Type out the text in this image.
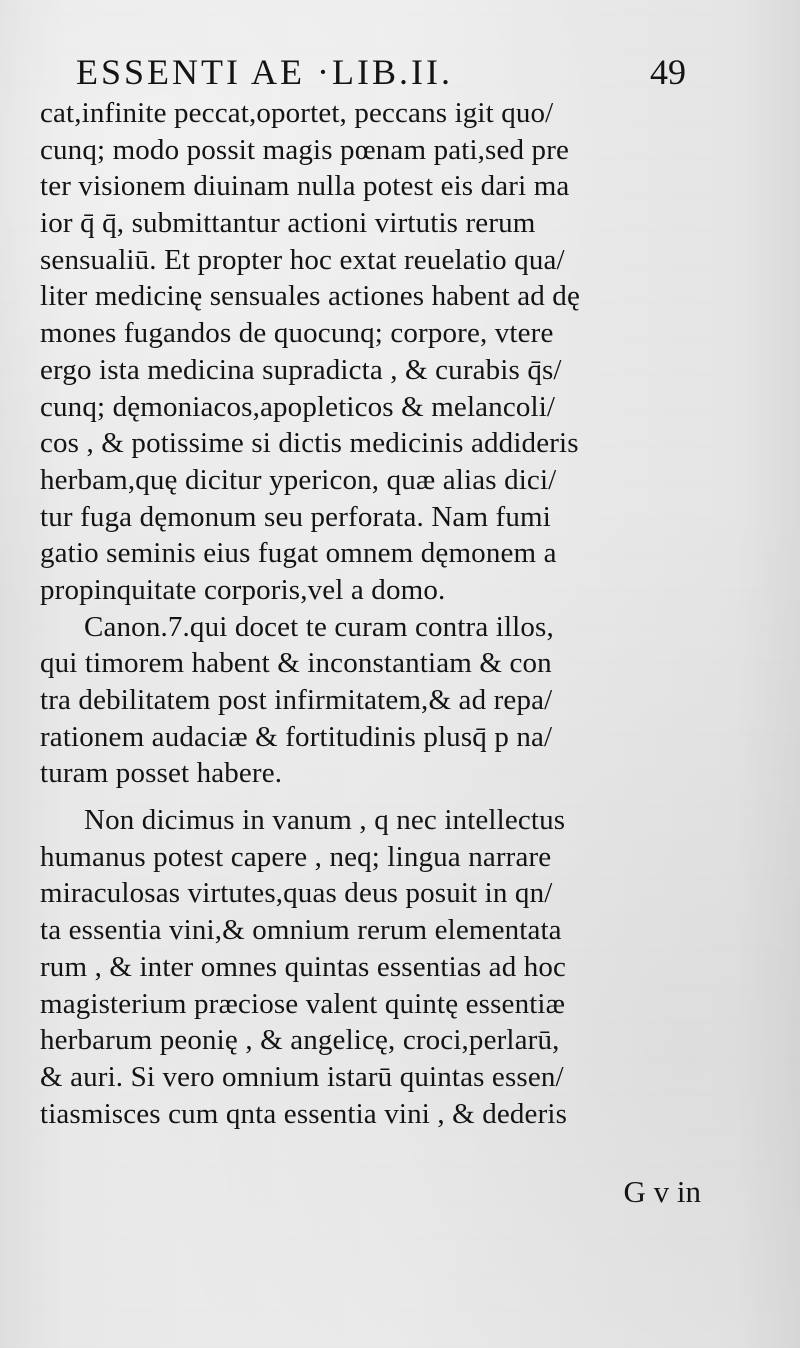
ESSENTI AE ·LIB.II.	49
cat,infinite peccat,oportet, peccans igit quo/
cunq; modo possit magis pœnam pati,sed pre
ter visionem diuinam nulla potest eis dari ma
ior q̄ q̄, submittantur actioni virtutis rerum
sensualiū. Et propter hoc extat reuelatio qua/
liter medicinę sensuales actiones habent ad dę
mones fugandos de quocunq; corpore, vtere
ergo ista medicina supradicta , & curabis q̄s/
cunq; dęmoniacos,apopleticos & melancoli/
cos , & potissime si dictis medicinis addideris
herbam,quę dicitur ypericon, quæ alias dici/
tur fuga dęmonum seu perforata. Nam fumi
gatio seminis eius fugat omnem dęmonem a
propinquitate corporis,vel a domo.
Canon.7.qui docet te curam contra illos,
qui timorem habent & inconstantiam & con
tra debilitatem post infirmitatem,& ad repa/
rationem audaciæ & fortitudinis plusq̄ p na/
turam posset habere.
Non dicimus in vanum , q nec intellectus
humanus potest capere , neq; lingua narrare
miraculosas virtutes,quas deus posuit in qn/
ta essentia vini,& omnium rerum elementata
rum , & inter omnes quintas essentias ad hoc
magisterium præciose valent quintę essentiæ
herbarum peonię , & angelicę, croci,perlarū,
& auri. Si vero omnium istarū quintas essen/
tiasmisces cum qnta essentia vini , & dederis
G v in
